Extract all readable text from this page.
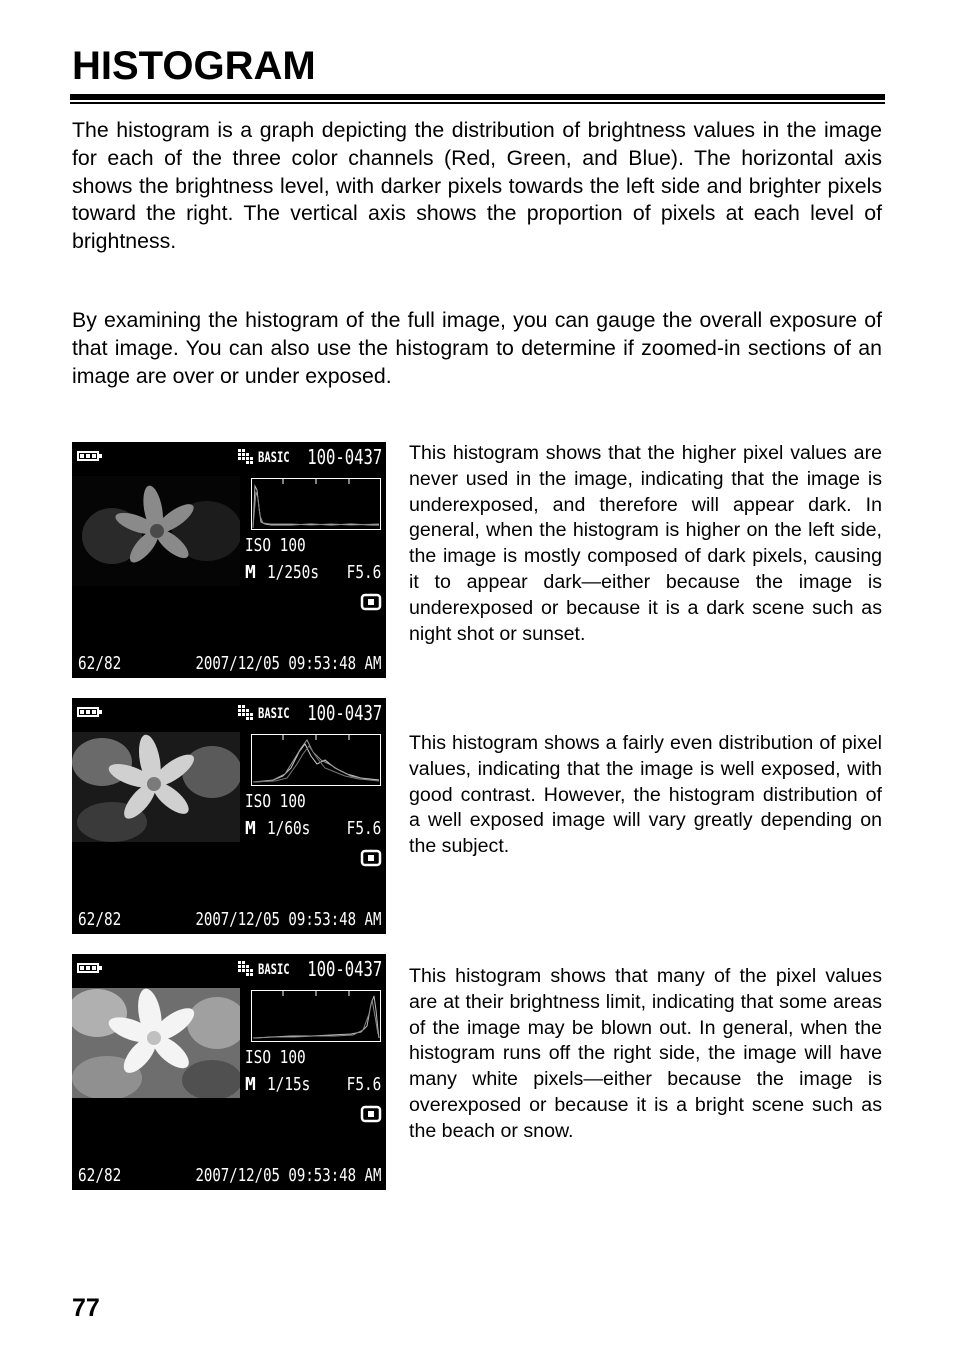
HISTOGRAM

The histogram is a graph depicting the distribution of brightness values in the image for each of the three color channels (Red, Green, and Blue). The horizontal axis shows the brightness level, with darker pixels towards the left side and brighter pixels toward the right. The vertical axis shows the proportion of pixels at each level of brightness.

By examining the histogram of the full image, you can gauge the overall exposure of that image. You can also use the histogram to determine if zoomed-in sections of an image are over or under exposed.

BASIC 100-0437
ISO 100
M 1/250s F5.6
62/82	2007/12/05 09:53:48 AM

This histogram shows that the higher pixel values are never used in the image, indicating that the image is underexposed, and therefore will appear dark. In general, when the histogram is higher on the left side, the image is mostly composed of dark pixels, causing it to appear dark—either because the image is underexposed or because it is a dark scene such as night shot or sunset.

BASIC 100-0437
ISO 100
M 1/60s F5.6
62/82	2007/12/05 09:53:48 AM

This histogram shows a fairly even distribution of pixel values, indicating that the image is well exposed, with good contrast. However, the histogram distribution of a well exposed image will vary greatly depending on the subject.

BASIC 100-0437
ISO 100
M 1/15s F5.6
62/82	2007/12/05 09:53:48 AM

This histogram shows that many of the pixel values are at their brightness limit, indicating that some areas of the image may be blown out. In general, when the histogram runs off the right side, the image will have many white pixels—either because the image is overexposed or because it is a bright scene such as the beach or snow.

77
